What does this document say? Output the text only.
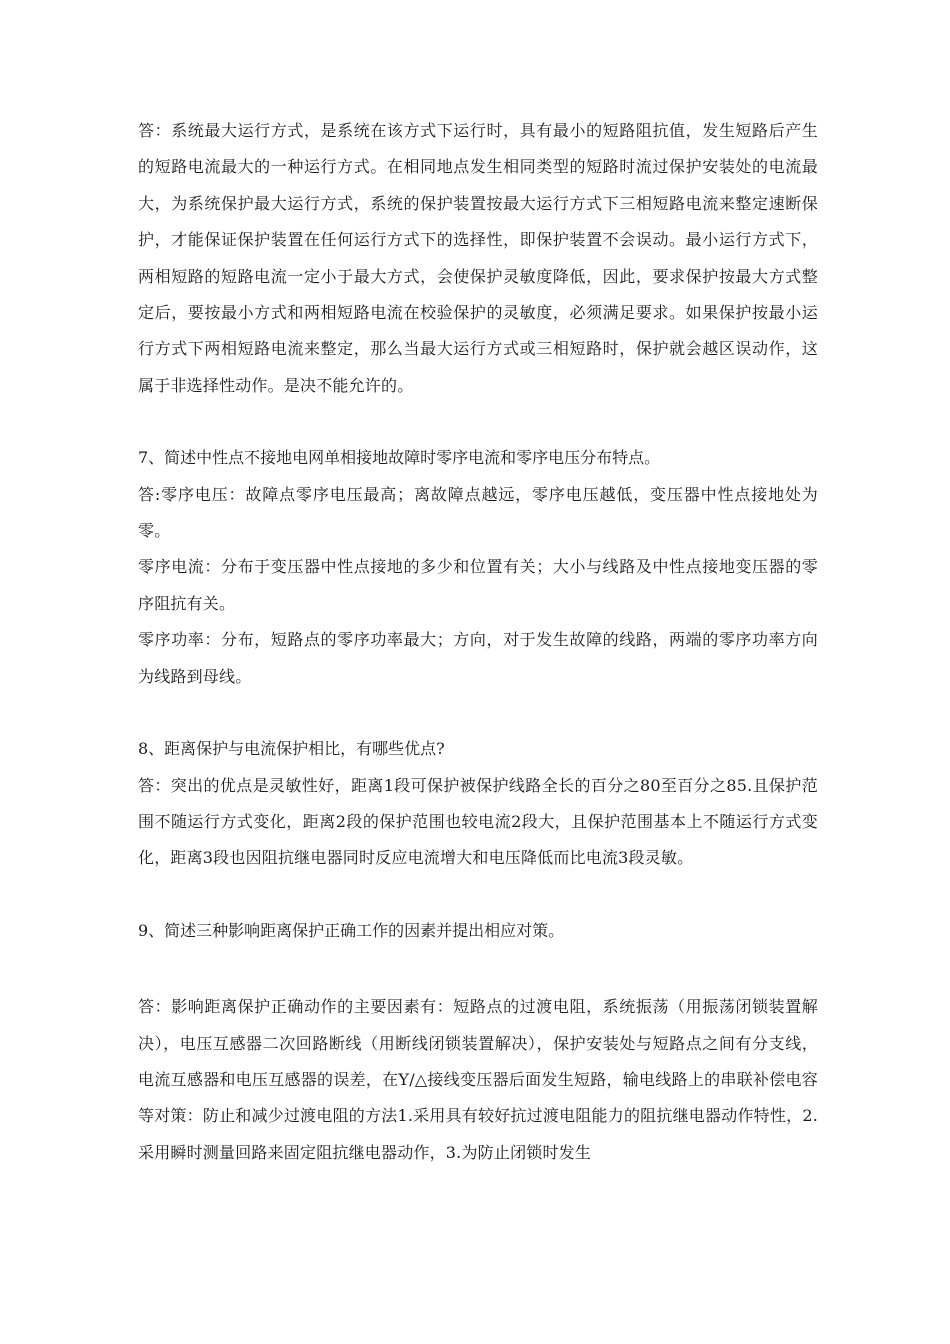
答：系统最大运行方式，是系统在该方式下运行时，具有最小的短路阻抗值，发生短路后产生的短路电流最大的一种运行方式。在相同地点发生相同类型的短路时流过保护安装处的电流最大，为系统保护最大运行方式，系统的保护装置按最大运行方式下三相短路电流来整定速断保护，才能保证保护装置在任何运行方式下的选择性，即保护装置不会误动。最小运行方式下，两相短路的短路电流一定小于最大方式，会使保护灵敏度降低，因此，要求保护按最大方式整定后，要按最小方式和两相短路电流在校验保护的灵敏度，必须满足要求。如果保护按最小运行方式下两相短路电流来整定，那么当最大运行方式或三相短路时，保护就会越区误动作，这属于非选择性动作。是决不能允许的。

7、简述中性点不接地电网单相接地故障时零序电流和零序电压分布特点。

答:零序电压：故障点零序电压最高；离故障点越远，零序电压越低，变压器中性点接地处为零。

零序电流：分布于变压器中性点接地的多少和位置有关；大小与线路及中性点接地变压器的零序阻抗有关。

零序功率：分布，短路点的零序功率最大；方向，对于发生故障的线路，两端的零序功率方向为线路到母线。

8、距离保护与电流保护相比，有哪些优点?

答：突出的优点是灵敏性好，距离1段可保护被保护线路全长的百分之80至百分之85.且保护范围不随运行方式变化，距离2段的保护范围也较电流2段大，且保护范围基本上不随运行方式变化，距离3段也因阻抗继电器同时反应电流增大和电压降低而比电流3段灵敏。

9、简述三种影响距离保护正确工作的因素并提出相应对策。

答：影响距离保护正确动作的主要因素有：短路点的过渡电阻，系统振荡（用振荡闭锁装置解决），电压互感器二次回路断线（用断线闭锁装置解决），保护安装处与短路点之间有分支线，电流互感器和电压互感器的误差，在Y/△接线变压器后面发生短路，输电线路上的串联补偿电容等对策：防止和减少过渡电阻的方法1.采用具有较好抗过渡电阻能力的阻抗继电器动作特性，2.采用瞬时测量回路来固定阻抗继电器动作，3.为防止闭锁时发生
